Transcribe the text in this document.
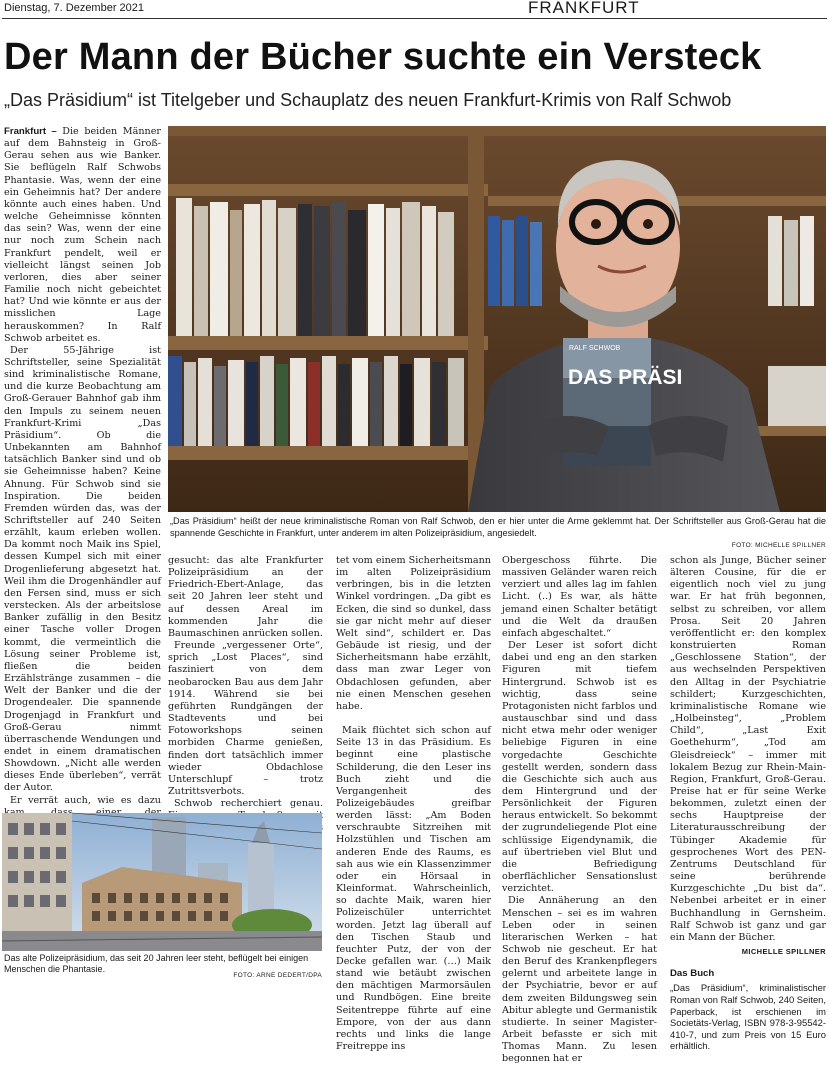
Dienstag, 7. Dezember 2021	FRANKFURT
Der Mann der Bücher suchte ein Versteck
„Das Präsidium“ ist Titelgeber und Schauplatz des neuen Frankfurt-Krimis von Ralf Schwob

Frankfurt – Die beiden Männer auf dem Bahnsteig in Groß-Gerau sehen aus wie Banker. Sie beflügeln Ralf Schwobs Phantasie. Was, wenn der eine ein Geheimnis hat? Der andere könnte auch eines haben. Und welche Geheimnisse könnten das sein? Was, wenn der eine nur noch zum Schein nach Frankfurt pendelt, weil er vielleicht längst seinen Job verloren, dies aber seiner Familie noch nicht gebeichtet hat? Und wie könnte er aus der misslichen Lage herauskommen? In Ralf Schwob arbeitet es.

Der 55-Jährige ist Schriftsteller, seine Spezialität sind kriminalistische Romane, und die kurze Beobachtung am Groß-Gerauer Bahnhof gab ihm den Impuls zu seinem neuen Frankfurt-Krimi „Das Präsidium“. Ob die Unbekannten am Bahnhof tatsächlich Banker sind und ob sie Geheimnisse haben? Keine Ahnung. Für Schwob sind sie Inspiration. Die beiden Fremden würden das, was der Schriftsteller auf 240 Seiten erzählt, kaum erleben wollen. Da kommt noch Maik ins Spiel, dessen Kumpel sich mit einer Drogenlieferung abgesetzt hat. Weil ihm die Drogenhändler auf den Fersen sind, muss er sich verstecken. Als der arbeitslose Banker zufällig in den Besitz einer Tasche voller Drogen kommt, die vermeintlich die Lösung seiner Probleme ist, fließen die beiden Erzählstränge zusammen – die Welt der Banker und die der Drogendealer. Die spannende Drogenjagd in Frankfurt und Groß-Gerau nimmt überraschende Wendungen und endet in einem dramatischen Showdown. „Nicht alle werden dieses Ende überleben“, verrät der Autor.

Er verrät auch, wie es dazu

RALF SCHWOB
DAS PRÄSI
„Das Präsidium“ heißt der neue kriminalistische Roman von Ralf Schwob, den er hier unter die Arme geklemmt hat. Der Schriftsteller aus Groß-Gerau hat die spannende Geschichte in Frankfurt, unter anderem im alten Polizeipräsidium, angesiedelt.
FOTO: MICHELLE SPILLNER

gesucht: das alte Frankfurter Polizeipräsidium an der Friedrich-Ebert-Anlage, das seit 20 Jahren leer steht und auf dessen Areal im kommenden Jahr die Baumaschinen anrücken sollen.

Freunde „vergessener Orte“, sprich „Lost Places“, sind fasziniert von dem neobarocken Bau aus dem Jahr 1914. Während sie bei geführten Rundgängen der Stadtevents und bei Fotoworkshops seinen morbiden Charme genießen, finden dort tatsächlich immer wieder Obdachlose Unterschlupf – trotz Zutrittsverbots.

Schwob recherchiert genau.

Das alte Polizeipräsidium, das seit 20 Jahren leer steht, beflügelt bei einigen Menschen die Phantasie.
FOTO: ARNE DEDERT/DPA

tet vom einem Sicherheitsmann im alten Polizeipräsidium verbringen, bis in die letzten Winkel vordringen. „Da gibt es Ecken, die sind so dunkel, dass sie gar nicht mehr auf dieser Welt sind“, schildert er. Das Gebäude ist riesig, und der Sicherheitsmann habe erzählt, dass man zwar Leger von Obdachlosen gefunden, aber nie einen Menschen gesehen habe.

Maik flüchtet sich schon auf Seite 13 in das Präsidium. Es beginnt eine plastische Schilderung, die den Leser ins Buch zieht und die Vergangenheit des Polizeigebäudes greifbar werden lässt: „Am Boden verschraubte Sitzreihen mit Holzstühlen und Tischen am anderen Ende des Raums, es sah aus wie ein Klassenzimmer oder ein Hörsaal in Kleinformat. Wahrscheinlich, so dachte Maik, waren hier Polizeischüler unterrichtet worden. Jetzt lag überall auf den Tischen Staub und feuchter Putz, der von der Decke gefallen war. (…) Maik stand wie betäubt zwischen den mächtigen Marmorsäulen und Rundbögen. Eine breite Seitentreppe führte auf eine Empore, von der aus dann rechts und links die lange Freitreppe ins

Obergeschoss führte. Die massiven Geländer waren reich verziert und alles lag im fahlen Licht. (..) Es war, als hätte jemand einen Schalter betätigt und die Welt da draußen einfach abgeschaltet.“

Der Leser ist sofort dicht dabei und eng an den starken Figuren mit tiefem Hintergrund. Schwob ist es wichtig, dass seine Protagonisten nicht farblos und austauschbar sind und dass nicht etwa mehr oder weniger beliebige Figuren in eine vorgedachte Geschichte gestellt werden, sondern dass die Geschichte sich auch aus dem Hintergrund und der Persönlichkeit der Figuren heraus entwickelt. So bekommt der zugrundeliegende Plot eine schlüssige Eigendynamik, die auf übertrieben viel Blut und die Befriedigung oberflächlicher Sensationslust verzichtet.

Die Annäherung an den Menschen – sei es im wahren Leben oder in seinen literarischen Werken – hat Schwob nie gescheut. Er hat den Beruf des Krankenpflegers gelernt und arbeitete lange in der Psychiatrie, bevor er auf dem zweiten Bildungsweg sein Abitur ablegte und Germanistik studierte. In seiner Magister-Arbeit befasste er sich mit Thomas Mann. Zu lesen begonnen hat er

schon als Junge, Bücher seiner älteren Cousine, für die er eigentlich noch viel zu jung war. Er hat früh begonnen, selbst zu schreiben, vor allem Prosa. Seit 20 Jahren veröffentlicht er: den komplex konstruierten Roman „Geschlossene Station“, der aus wechselnden Perspektiven den Alltag in der Psychiatrie schildert; Kurzgeschichten, kriminalistische Romane wie „Holbeinsteg“, „Problem Child“, „Last Exit Goethehurm“, „Tod am Gleisdreieck“ – immer mit lokalem Bezug zur Rhein-Main-Region, Frankfurt, Groß-Gerau. Preise hat er für seine Werke bekommen, zuletzt einen der sechs Hauptpreise der Literaturausschreibung der Tübinger Akademie für gesprochenes Wort des PEN-Zentrums Deutschland für seine berührende Kurzgeschichte „Du bist da“. Nebenbei arbeitet er in einer Buchhandlung in Gernsheim. Ralf Schwob ist ganz und gar ein Mann der Bücher.

MICHELLE SPILLNER
Das Buch
„Das Präsidium“, kriminalistischer Roman von Ralf Schwob, 240 Seiten, Paperback, ist erschienen im Societäts-Verlag, ISBN 978-3-95542-410-7, und zum Preis von 15 Euro erhältlich.
